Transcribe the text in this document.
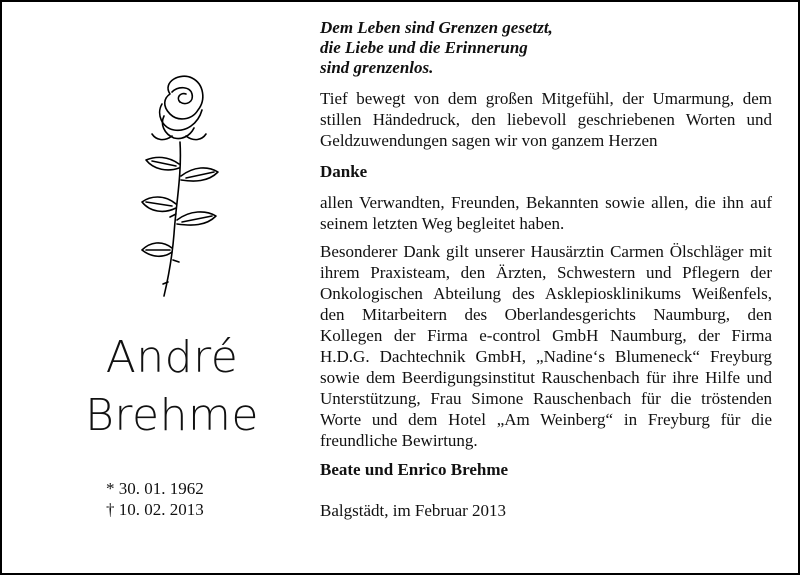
André
Brehme
* 30. 01. 1962
† 10. 02. 2013

Dem Leben sind Grenzen gesetzt,
die Liebe und die Erinnerung
sind grenzenlos.

Tief bewegt von dem großen Mitgefühl, der Umarmung, dem stillen Händedruck, den liebevoll geschriebenen Worten und Geldzuwendungen sagen wir von ganzem Herzen

Danke

allen Verwandten, Freunden, Bekannten sowie allen, die ihn auf seinem letzten Weg begleitet haben.

Besonderer Dank gilt unserer Hausärztin Carmen Ölschläger mit ihrem Praxisteam, den Ärzten, Schwestern und Pflegern der Onkologischen Abteilung des Asklepiosklinikums Weißenfels, den Mitarbeitern des Oberlandesgerichts Naumburg, den Kollegen der Firma e-control GmbH Naumburg, der Firma H.D.G. Dachtechnik GmbH, „Nadine‘s Blumeneck“ Freyburg sowie dem Beerdigungsinstitut Rauschenbach für ihre Hilfe und Unterstützung, Frau Simone Rauschenbach für die tröstenden Worte und dem Hotel „Am Weinberg“ in Freyburg für die freundliche Bewirtung.

Beate und Enrico Brehme

Balgstädt, im Februar 2013
